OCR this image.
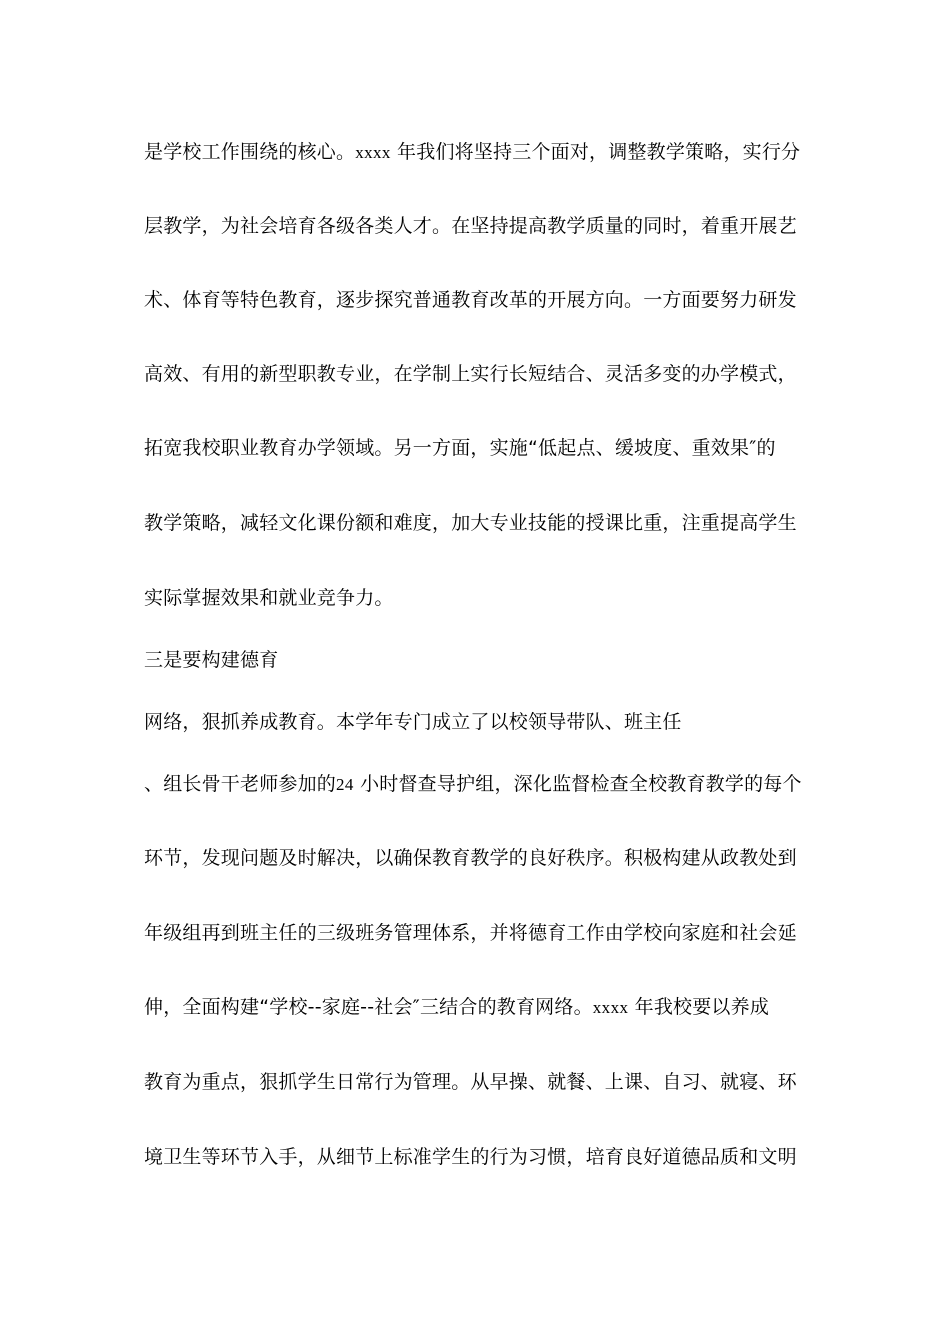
是学校工作围绕的核心。xxxx 年我们将坚持三个面对，调整教学策略，实行分
层教学，为社会培育各级各类人才。在坚持提高教学质量的同时，着重开展艺
术、体育等特色教育，逐步探究普通教育改革的开展方向。一方面要努力研发
高效、有用的新型职教专业，在学制上实行长短结合、灵活多变的办学模式，
拓宽我校职业教育办学领域。另一方面，实施“低起点、缓坡度、重效果″的
教学策略，减轻文化课份额和难度，加大专业技能的授课比重，注重提高学生
实际掌握效果和就业竞争力。
三是要构建德育
网络，狠抓养成教育。本学年专门成立了以校领导带队、班主任
、组长骨干老师参加的24 小时督查导护组，深化监督检查全校教育教学的每个
环节，发现问题及时解决，以确保教育教学的良好秩序。积极构建从政教处到
年级组再到班主任的三级班务管理体系，并将德育工作由学校向家庭和社会延
伸，全面构建“学校--家庭--社会″三结合的教育网络。xxxx 年我校要以养成
教育为重点，狠抓学生日常行为管理。从早操、就餐、上课、自习、就寝、环
境卫生等环节入手，从细节上标准学生的行为习惯，培育良好道德品质和文明
